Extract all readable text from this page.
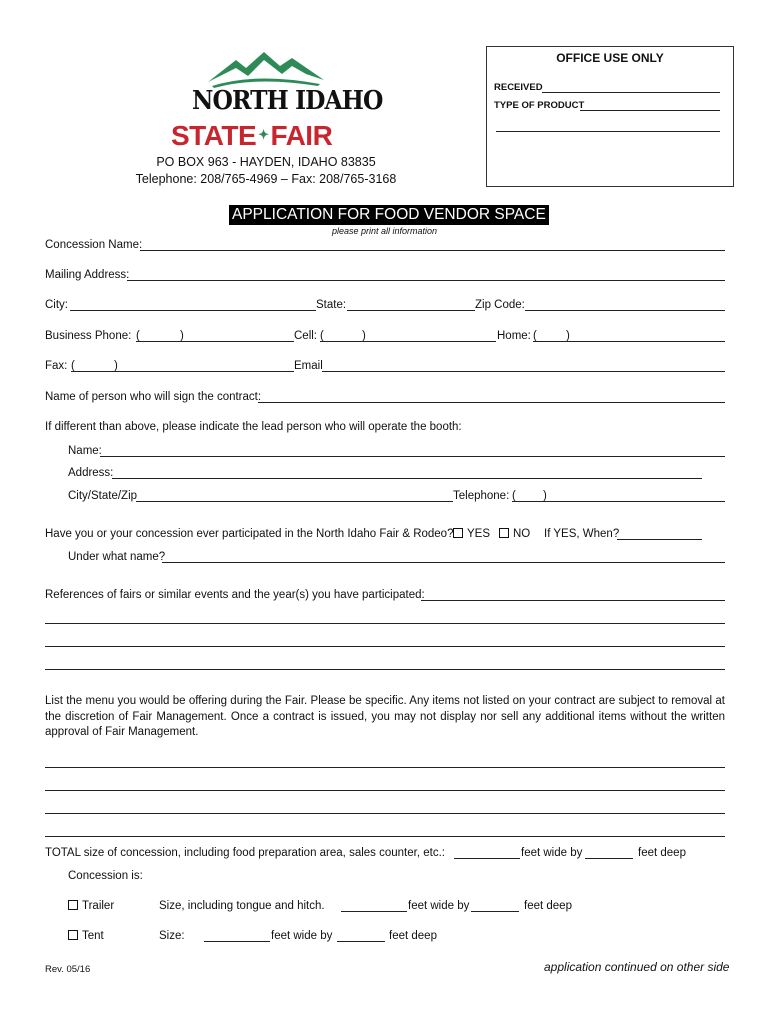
NORTH IDAHO
STATE ✦FAIR
PO BOX 963 - HAYDEN, IDAHO 83835
Telephone: 208/765-4969 – Fax: 208/765-3168
OFFICE USE ONLY
RECEIVED
TYPE OF PRODUCT
APPLICATION FOR FOOD VENDOR SPACE
please print all information
Concession Name:
Mailing Address:
City:	State:	Zip Code:
Business Phone: (	)	Cell: (	)	Home: (	)
Fax: (	)	Email
Name of person who will sign the contract:
If different than above, please indicate the lead person who will operate the booth:
Name:
Address:
City/State/Zip	Telephone: ( )
Have you or your concession ever participated in the North Idaho Fair & Rodeo?	YES	NO If YES, When?
Under what name?
References of fairs or similar events and the year(s) you have participated:
List the menu you would be offering during the Fair. Please be specific. Any items not listed on your contract are subject to removal at the discretion of Fair Management. Once a contract is issued, you may not display nor sell any additional items without the written approval of Fair Management.
TOTAL size of concession, including food preparation area, sales counter, etc.:	feet wide by	feet deep
Concession is:
Trailer	Size, including tongue and hitch.	feet wide by	feet deep
Tent	Size:	feet wide by	feet deep
Rev. 05/16	application continued on other side
